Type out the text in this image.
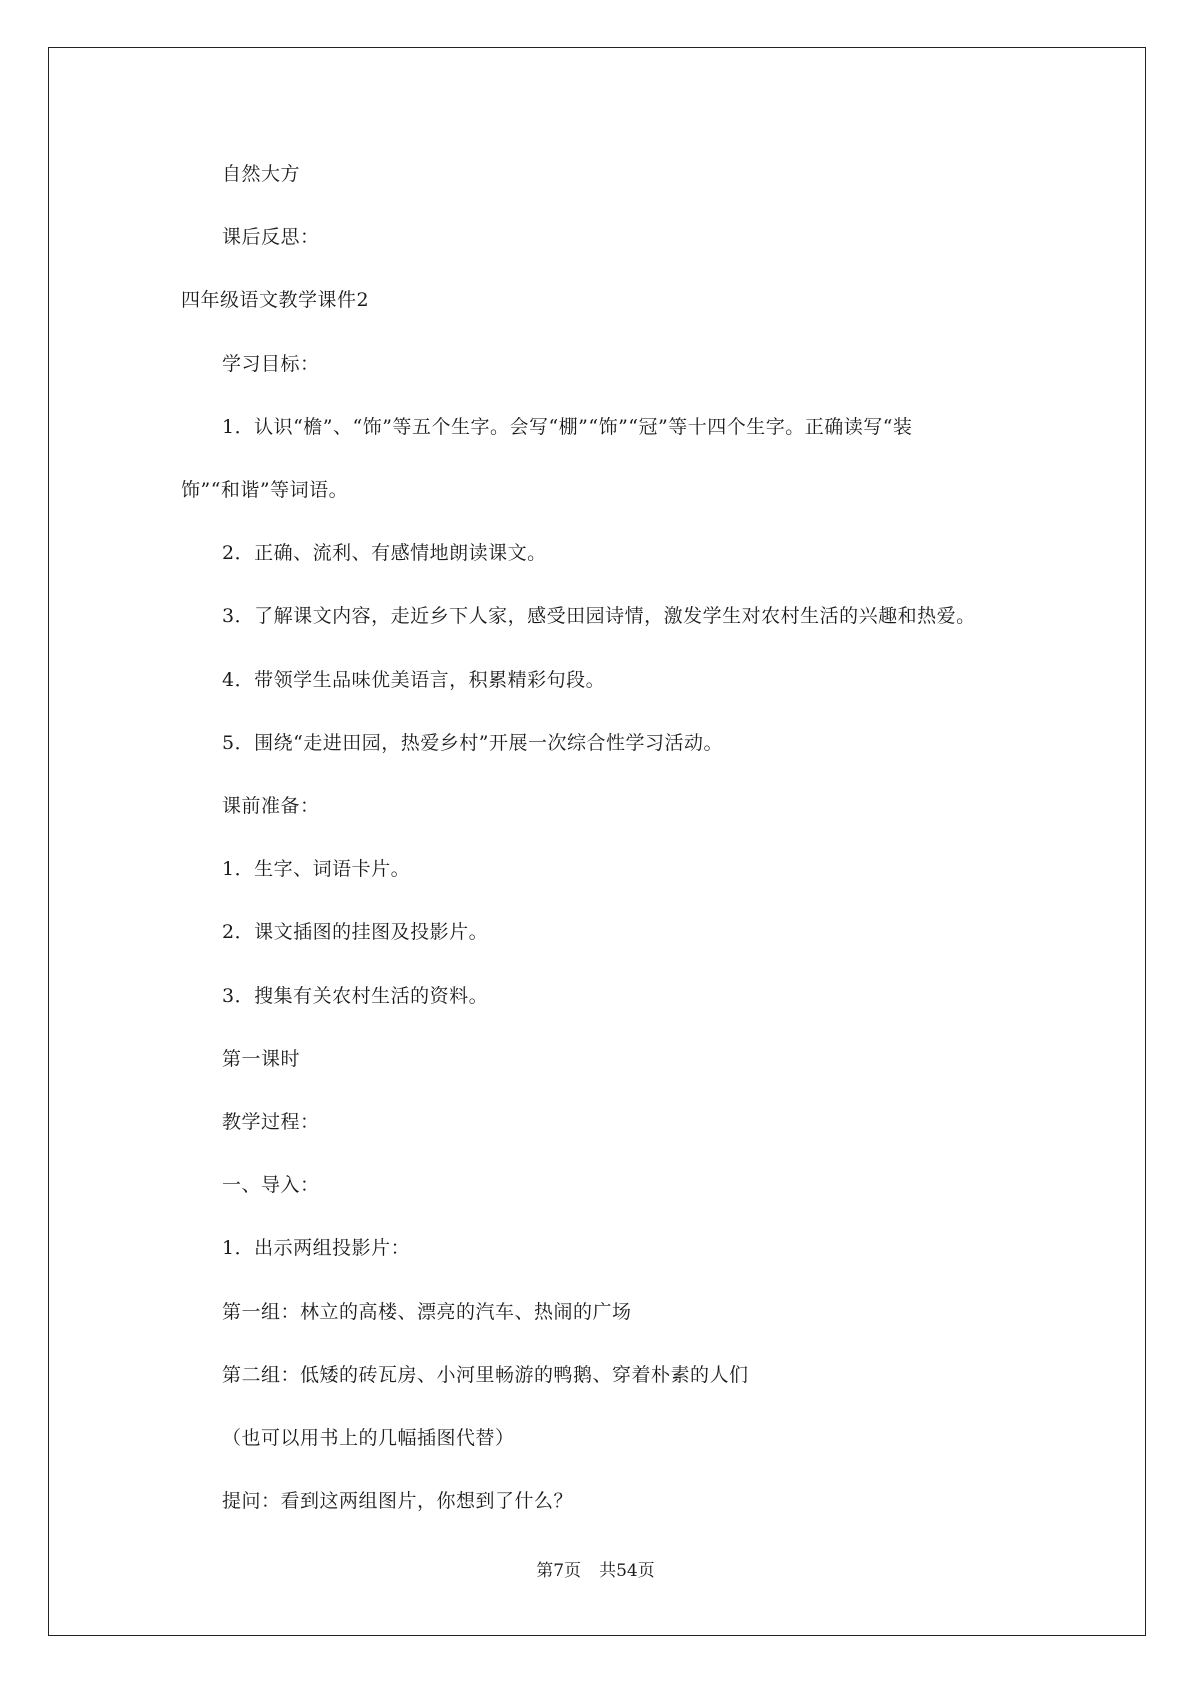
自然大方

课后反思：

四年级语文教学课件2

学习目标：

1．认识“檐”、“饰”等五个生字。会写“棚”“饰”“冠”等十四个生字。正确读写“装

饰”“和谐”等词语。

2．正确、流利、有感情地朗读课文。

3．了解课文内容，走近乡下人家，感受田园诗情，激发学生对农村生活的兴趣和热爱。

4．带领学生品味优美语言，积累精彩句段。

5．围绕“走进田园，热爱乡村”开展一次综合性学习活动。

课前准备：

1．生字、词语卡片。

2．课文插图的挂图及投影片。

3．搜集有关农村生活的资料。

第一课时

教学过程：

一、导入：

1．出示两组投影片：

第一组：林立的高楼、漂亮的汽车、热闹的广场

第二组：低矮的砖瓦房、小河里畅游的鸭鹅、穿着朴素的人们

（也可以用书上的几幅插图代替）

提问：看到这两组图片，你想到了什么？

第7页 共54页
